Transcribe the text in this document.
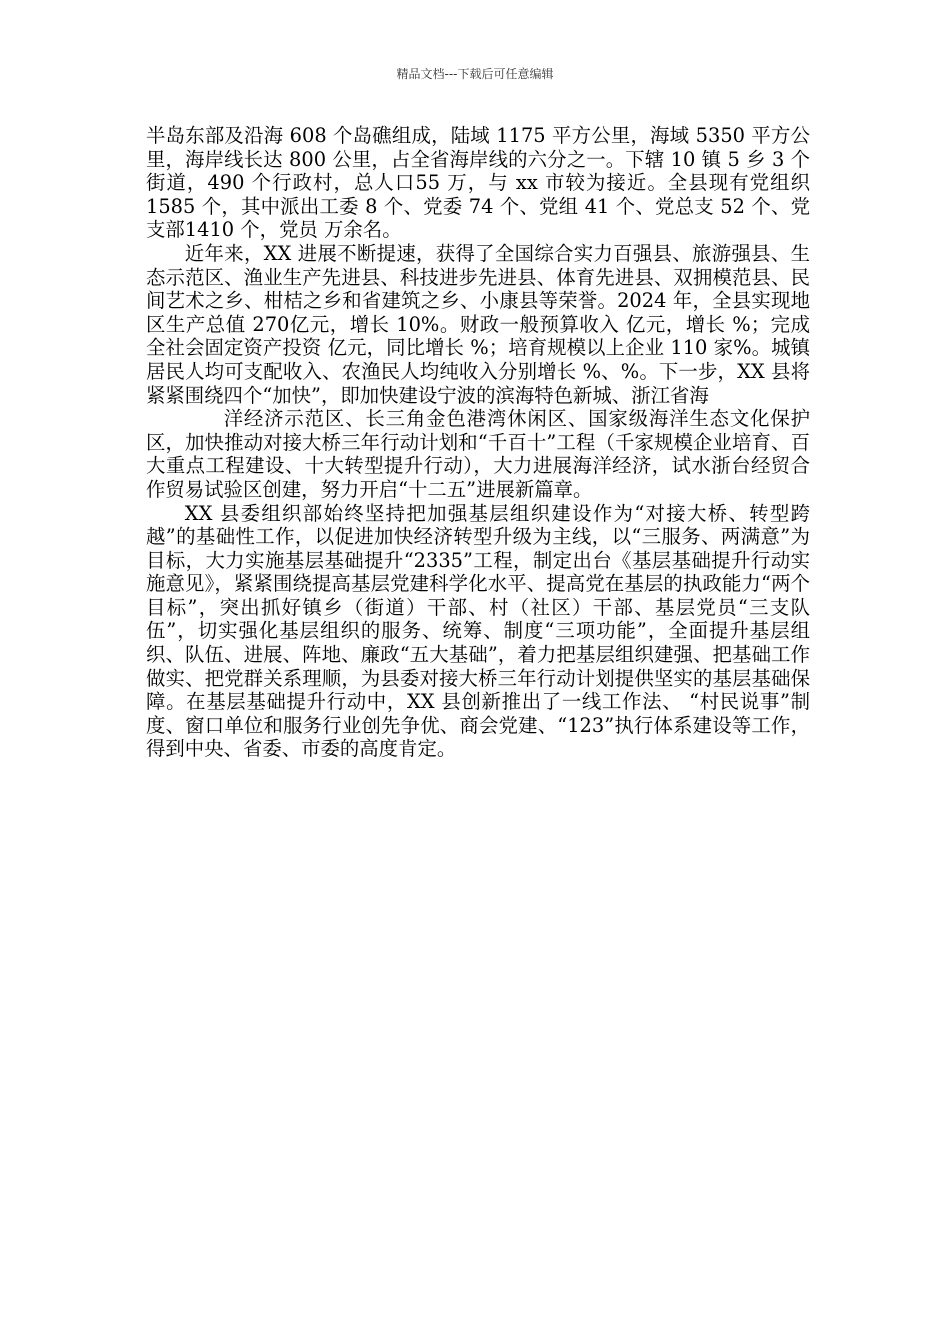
精品文档---下载后可任意编辑

半岛东部及沿海 608 个岛礁组成，陆域 1175 平方公里，海域 5350 平方公里，海岸线长达 800 公里，占全省海岸线的六分之一。下辖 10 镇 5 乡 3 个街道，490 个行政村，总人口55 万，与 xx 市较为接近。全县现有党组织 1585 个，其中派出工委 8 个、党委 74 个、党组 41 个、党总支 52 个、党支部1410 个，党员 万余名。

近年来，XX 进展不断提速，获得了全国综合实力百强县、旅游强县、生态示范区、渔业生产先进县、科技进步先进县、体育先进县、双拥模范县、民间艺术之乡、柑桔之乡和省建筑之乡、小康县等荣誉。2024 年，全县实现地区生产总值 270亿元，增长 10%。财政一般预算收入 亿元，增长 %；完成全社会固定资产投资 亿元，同比增长 %；培育规模以上企业 110 家%。城镇居民人均可支配收入、农渔民人均纯收入分别增长 %、%。下一步，XX 县将紧紧围绕四个“加快”，即加快建设宁波的滨海特色新城、浙江省海

洋经济示范区、长三角金色港湾休闲区、国家级海洋生态文化保护区，加快推动对接大桥三年行动计划和“千百十”工程（千家规模企业培育、百大重点工程建设、十大转型提升行动），大力进展海洋经济，试水浙台经贸合作贸易试验区创建，努力开启“十二五”进展新篇章。

XX 县委组织部始终坚持把加强基层组织建设作为“对接大桥、转型跨越”的基础性工作，以促进加快经济转型升级为主线，以“三服务、两满意”为目标，大力实施基层基础提升“2335”工程，制定出台《基层基础提升行动实施意见》，紧紧围绕提高基层党建科学化水平、提高党在基层的执政能力“两个目标”，突出抓好镇乡（街道）干部、村（社区）干部、基层党员“三支队伍”，切实强化基层组织的服务、统筹、制度“三项功能”，全面提升基层组织、队伍、进展、阵地、廉政“五大基础”，着力把基层组织建强、把基础工作做实、把党群关系理顺，为县委对接大桥三年行动计划提供坚实的基层基础保障。在基层基础提升行动中，XX 县创新推出了一线工作法、 “村民说事”制度、窗口单位和服务行业创先争优、商会党建、“123”执行体系建设等工作，得到中央、省委、市委的高度肯定。
